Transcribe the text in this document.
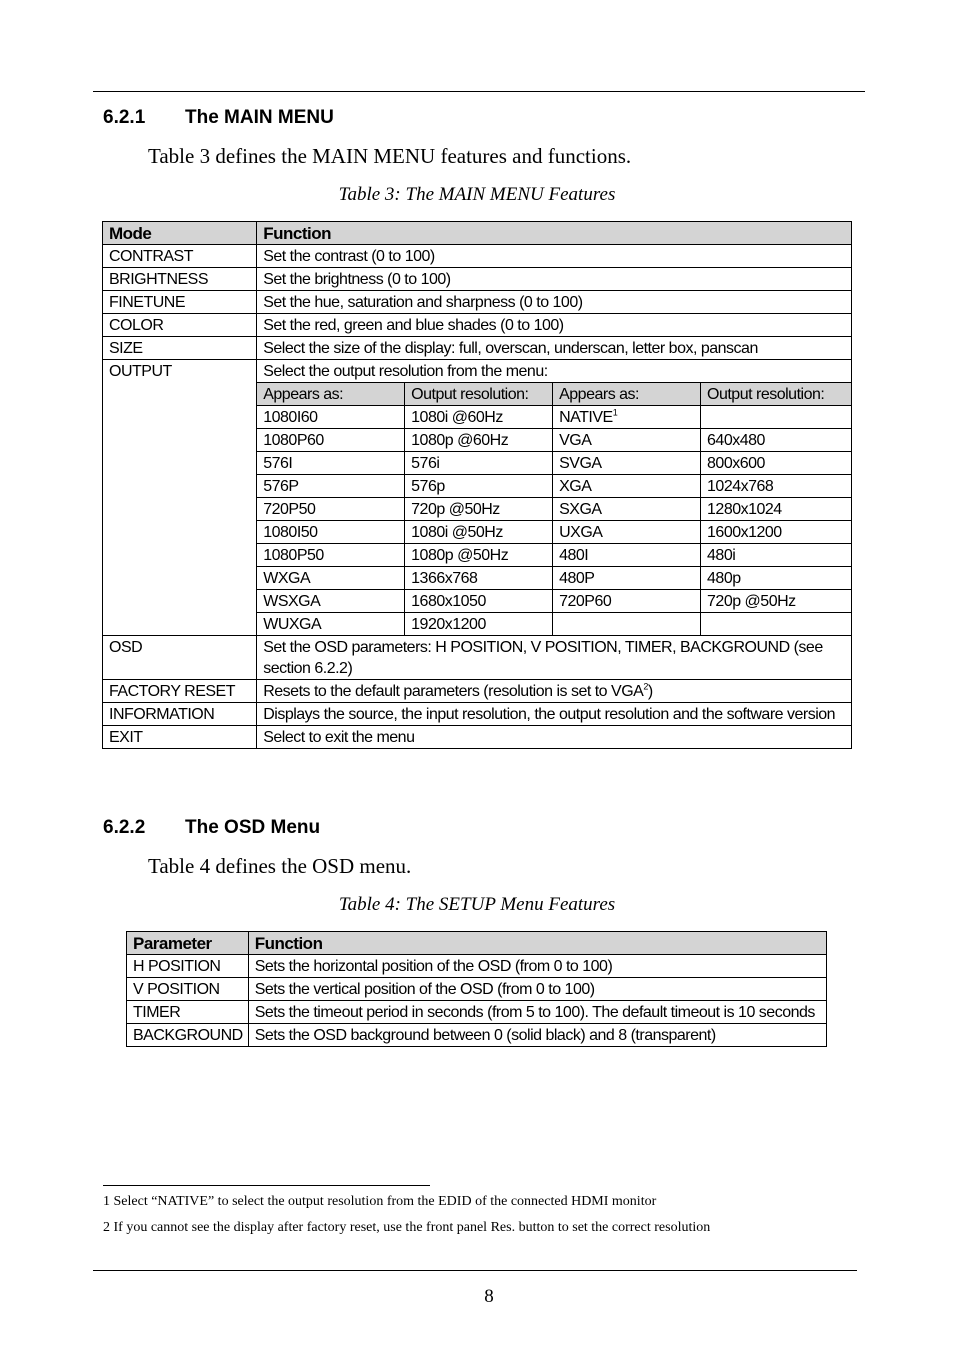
6.2.1 The MAIN MENU
Table 3 defines the MAIN MENU features and functions.
Table 3: The MAIN MENU Features
Mode	Function			
CONTRAST	Set the contrast (0 to 100)			
BRIGHTNESS	Set the brightness (0 to 100)			
FINETUNE	Set the hue, saturation and sharpness (0 to 100)			
COLOR	Set the red, green and blue shades (0 to 100)			
SIZE	Select the size of the display: full, overscan, underscan, letter box, panscan			
OUTPUT	Select the output resolution from the menu:			
	Appears as:	Output resolution:	Appears as:	Output resolution:
	1080I60	1080i @60Hz	NATIVE$^1$	
	1080P60	1080p @60Hz	VGA	640x480
	576I	576i	SVGA	800x600
	576P	576p	XGA	1024x768
	720P50	720p @50Hz	SXGA	1280x1024
	1080I50	1080i @50Hz	UXGA	1600x1200
	1080P50	1080p @50Hz	480I	480i
	WXGA	1366x768	480P	480p
	WSXGA	1680x1050	720P60	720p @50Hz
	WUXGA	1920x1200		
OSD	Set the OSD parameters: H POSITION, V POSITION, TIMER, BACKGROUND (see section 6.2.2)			
FACTORY RESET	Resets to the default parameters (resolution is set to VGA$^2$)			
INFORMATION	Displays the source, the input resolution, the output resolution and the software version			
EXIT	Select to exit the menu			
6.2.2 The OSD Menu
Table 4 defines the OSD menu.
Table 4: The SETUP Menu Features
Parameter	Function
H POSITION	Sets the horizontal position of the OSD (from 0 to 100)
V POSITION	Sets the vertical position of the OSD (from 0 to 100)
TIMER	Sets the timeout period in seconds (from 5 to 100). The default timeout is 10 seconds
BACKGROUND	Sets the OSD background between 0 (solid black) and 8 (transparent)
1 Select “NATIVE” to select the output resolution from the EDID of the connected HDMI monitor
2 If you cannot see the display after factory reset, use the front panel Res. button to set the correct resolution
8
